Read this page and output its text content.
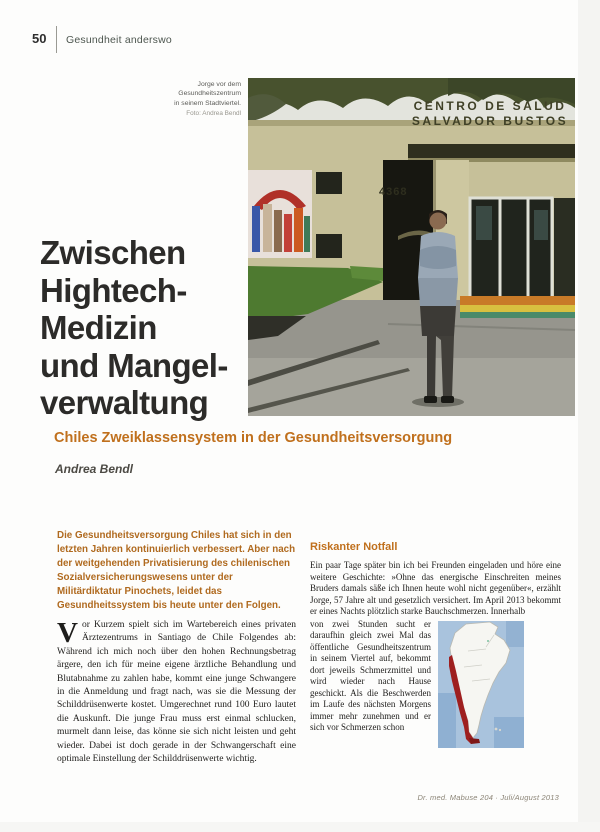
50 Gesundheit anderswo
Jorge vor dem
Gesundheitszentrum
in seinem Stadtviertel.
Foto: Andrea Bendl
CENTRO DE SALUD
SALVADOR BUSTOS
4368
Zwischen
Hightech-
Medizin
und Mangel-
verwaltung
Chiles Zweiklassensystem in der Gesundheitsversorgung
Andrea Bendl
Die Gesundheitsversorgung Chiles hat sich in den letzten Jahren kontinuierlich verbessert. Aber nach der weitgehenden Privatisierung des chilenischen Sozialversicherungswesens unter der Militärdiktatur Pinochets, leidet das Gesundheitssystem bis heute unter den Folgen.
Vor Kurzem spielt sich im Wartebereich eines privaten Ärztezentrums in Santiago de Chile Folgendes ab: Während ich mich noch über den hohen Rechnungsbetrag ärgere, den ich für meine eigene ärztliche Behandlung und Blutabnahme zu zahlen habe, kommt eine junge Schwangere in die Anmeldung und fragt nach, was sie die Messung der Schilddrüsenwerte kostet. Umgerechnet rund 100 Euro lautet die Auskunft. Die junge Frau muss erst einmal schlucken, murmelt dann leise, das könne sie sich nicht leisten und geht wieder. Dabei ist doch gerade in der Schwangerschaft eine optimale Einstellung der Schilddrüsenwerte wichtig.
Riskanter Notfall

Ein paar Tage später bin ich bei Freunden eingeladen und höre eine weitere Geschichte: »Ohne das energische Einschreiten meines Bruders damals säße ich Ihnen heute wohl nicht gegenüber«, erzählt Jorge, 57 Jahre alt und gesetzlich versichert. Im April 2013 bekommt er eines Nachts plötzlich starke Bauchschmerzen. Innerhalb

von zwei Stunden sucht er daraufhin gleich zwei Mal das öffentliche Gesundheitszentrum in seinem Viertel auf, bekommt dort jeweils Schmerzmittel und wird wieder nach Hause geschickt. Als die Beschwerden im Laufe des nächsten Morgens immer mehr zunehmen und er sich vor Schmerzen schon

Dr. med. Mabuse 204 · Juli/August 2013
